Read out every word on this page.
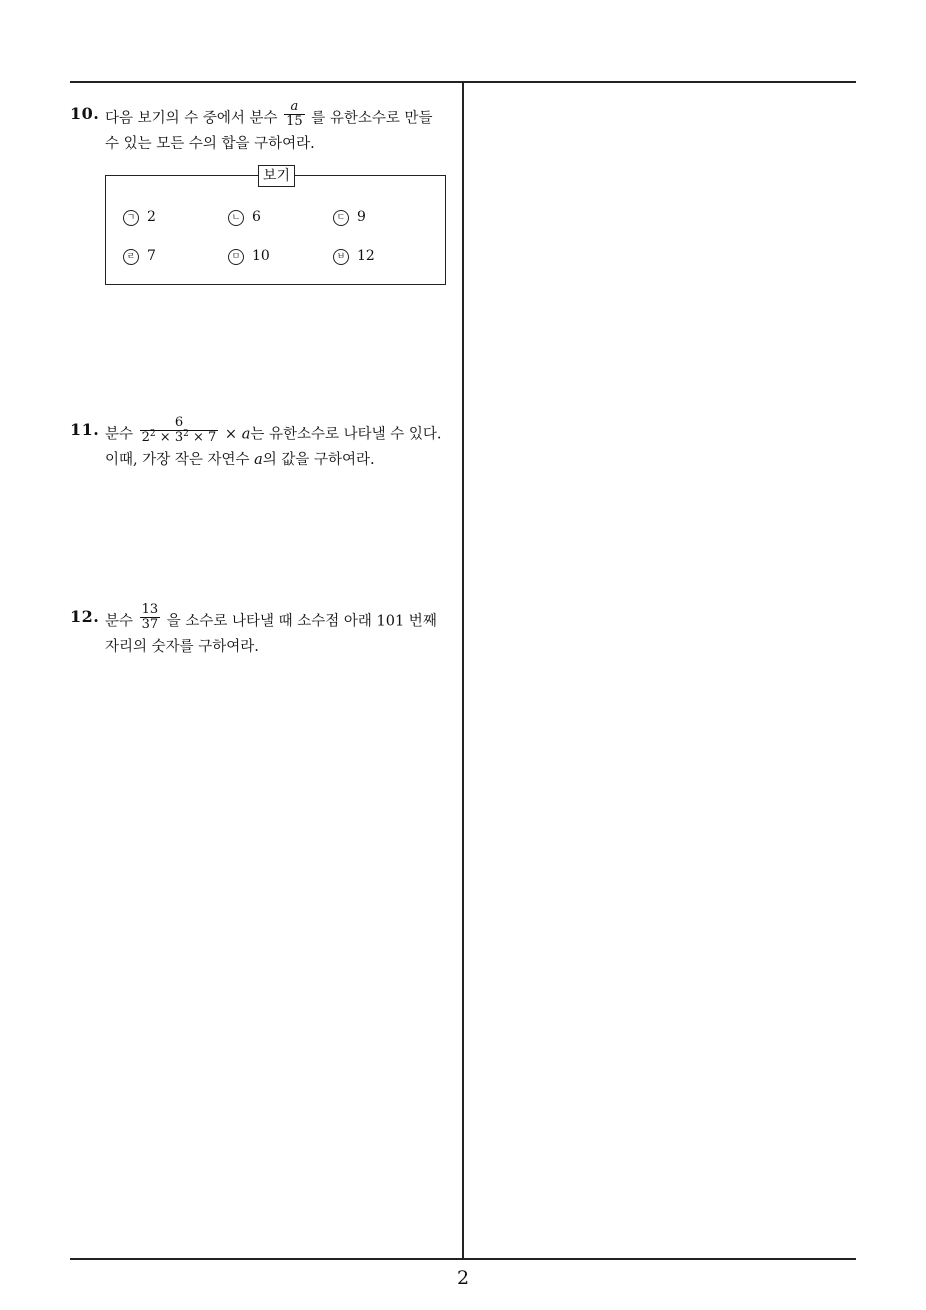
10. 다음 보기의 수 중에서 분수 $\frac{a}{15}$ 를 유한소수로 만들
수 있는 모든 수의 합을 구하여라.
보기
ㄱ 2	ㄴ 6	ㄷ 9
ㄹ 7	ㅁ 10	ㅂ 12
11. 분수 $\frac{6}{2^2 \times 3^2 \times 7} \times a$는 유한소수로 나타낼 수 있다.
이때, 가장 작은 자연수 a의 값을 구하여라.
12. 분수 $\frac{13}{37}$ 을 소수로 나타낼 때 소수점 아래 101 번째
자리의 숫자를 구하여라.
2
